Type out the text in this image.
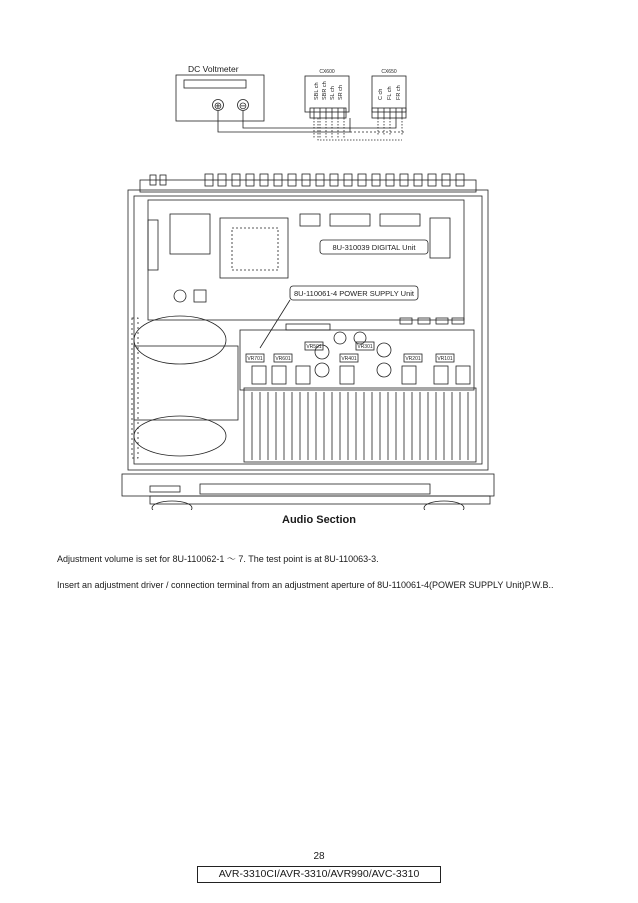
DC Voltmeter
⊕ ⊖
CX600
SBL ch SBR ch SL ch SR ch
CX650
C ch FL ch FR ch
8U-310039 DIGITAL Unit
8U-110061-4 POWER SUPPLY Unit
VR701	VR601
VR501
VR401
VR301
VR201	VR101
Audio Section
Adjustment volume is set for 8U-110062-1 ～ 7. The test point is at 8U-110063-3.
Insert an adjustment driver / connection terminal from an adjustment aperture of 8U-110061-4(POWER SUPPLY Unit)P.W.B..
28
AVR-3310CI/AVR-3310/AVR990/AVC-3310
